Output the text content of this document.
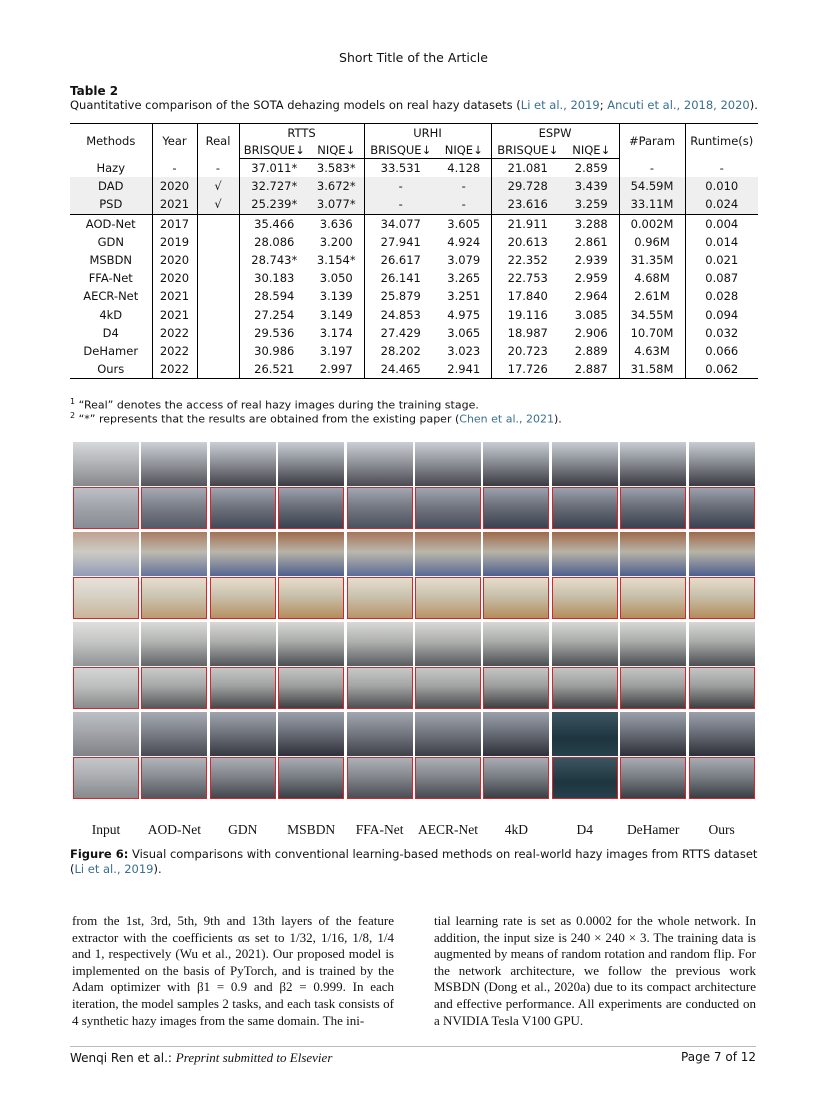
Short Title of the Article
Table 2
Quantitative comparison of the SOTA dehazing models on real hazy datasets (Li et al., 2019; Ancuti et al., 2018, 2020).
Methods	Year	Real	RTTS		URHI		ESPW		#Param	Runtime(s)
			BRISQUE↓	NIQE↓	BRISQUE↓	NIQE↓	BRISQUE↓	NIQE↓		
Hazy	-	-	37.011*	3.583*	33.531	4.128	21.081	2.859	-	-
DAD	2020	√	32.727*	3.672*	-	-	29.728	3.439	54.59M	0.010
PSD	2021	√	25.239*	3.077*	-	-	23.616	3.259	33.11M	0.024
AOD-Net	2017		35.466	3.636	34.077	3.605	21.911	3.288	0.002M	0.004
GDN	2019		28.086	3.200	27.941	4.924	20.613	2.861	0.96M	0.014
MSBDN	2020		28.743*	3.154*	26.617	3.079	22.352	2.939	31.35M	0.021
FFA-Net	2020		30.183	3.050	26.141	3.265	22.753	2.959	4.68M	0.087
AECR-Net	2021		28.594	3.139	25.879	3.251	17.840	2.964	2.61M	0.028
4kD	2021		27.254	3.149	24.853	4.975	19.116	3.085	34.55M	0.094
D4	2022		29.536	3.174	27.429	3.065	18.987	2.906	10.70M	0.032
DeHamer	2022		30.986	3.197	28.202	3.023	20.723	2.889	4.63M	0.066
Ours	2022		26.521	2.997	24.465	2.941	17.726	2.887	31.58M	0.062
$^1$ “Real” denotes the access of real hazy images during the training stage.
$^2$ “*” represents that the results are obtained from the existing paper (Chen et al., 2021).
Input	AOD-Net	GDN	MSBDN	FFA-Net	AECR-Net	4kD	D4	DeHamer	Ours
Figure 6: Visual comparisons with conventional learning-based methods on real-world hazy images from RTTS dataset (Li et al., 2019).
from the 1st, 3rd, 5th, 9th and 13th layers of the feature extractor with the coefficients αs set to 1/32, 1/16, 1/8, 1/4 and 1, respectively (Wu et al., 2021). Our proposed model is implemented on the basis of PyTorch, and is trained by the Adam optimizer with β1 = 0.9 and β2 = 0.999. In each iteration, the model samples 2 tasks, and each task consists of 4 synthetic hazy images from the same domain. The ini-
tial learning rate is set as 0.0002 for the whole network. In addition, the input size is 240 × 240 × 3. The training data is augmented by means of random rotation and random flip. For the network architecture, we follow the previous work MSBDN (Dong et al., 2020a) due to its compact architecture and effective performance. All experiments are conducted on a NVIDIA Tesla V100 GPU.
Wenqi Ren et al.: Preprint submitted to Elsevier	Page 7 of 12
